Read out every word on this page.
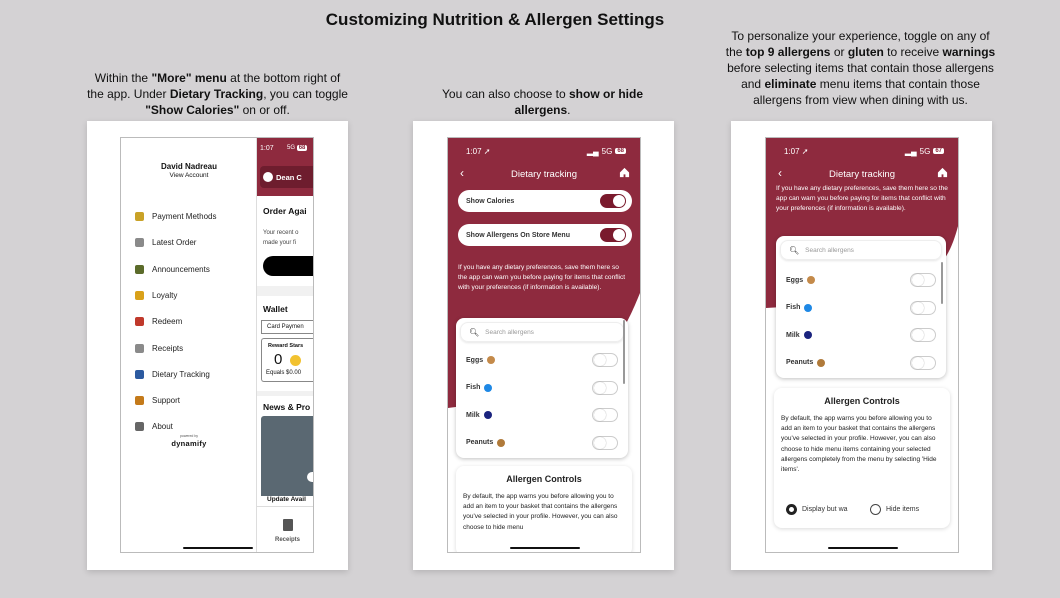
Customizing Nutrition & Allergen Settings
Within the "More" menu at the bottom right of the app. Under Dietary Tracking, you can toggle "Show Calories" on or off.
You can also choose to show or hide allergens.
To personalize your experience, toggle on any of the top 9 allergens or gluten to receive warnings before selecting items that contain those allergens and eliminate menu items that contain those allergens from view when dining with us.
1:07 5G 68
Dean C
Order Agai
Your recent o
made your fi
Wallet
Card Paymen
Reward Stars
0
Equals $0.00
News & Pro
Update Avail
Receipts
David Nadreau
View Account
Payment Methods
Latest Order
Announcements
Loyalty
Redeem
Receipts
Dietary Tracking
Support
About
powered by
dynamify
1:07 ➚	▂▄ 5G 68
‹	Dietary tracking
Show Calories
Show Allergens On Store Menu
If you have any dietary preferences, save them here so the app can warn you before paying for items that conflict with your preferences (if information is available).
🔍︎ Search allergens
Eggs
Fish
Milk
Peanuts
Allergen Controls

By default, the app warns you before allowing you to add an item to your basket that contains the allergens you've selected in your profile. However, you can also choose to hide menu

1:07 ➚	▂▄ 5G 67
‹	Dietary tracking
If you have any dietary preferences, save them here so the app can warn you before paying for items that conflict with your preferences (if information is available).
🔍︎ Search allergens
Eggs
Fish
Milk
Peanuts
Allergen Controls

By default, the app warns you before allowing you to add an item to your basket that contains the allergens you've selected in your profile. However, you can also choose to hide menu items containing your selected allergens completely from the menu by selecting 'Hide items'.

Display but wa	Hide items
